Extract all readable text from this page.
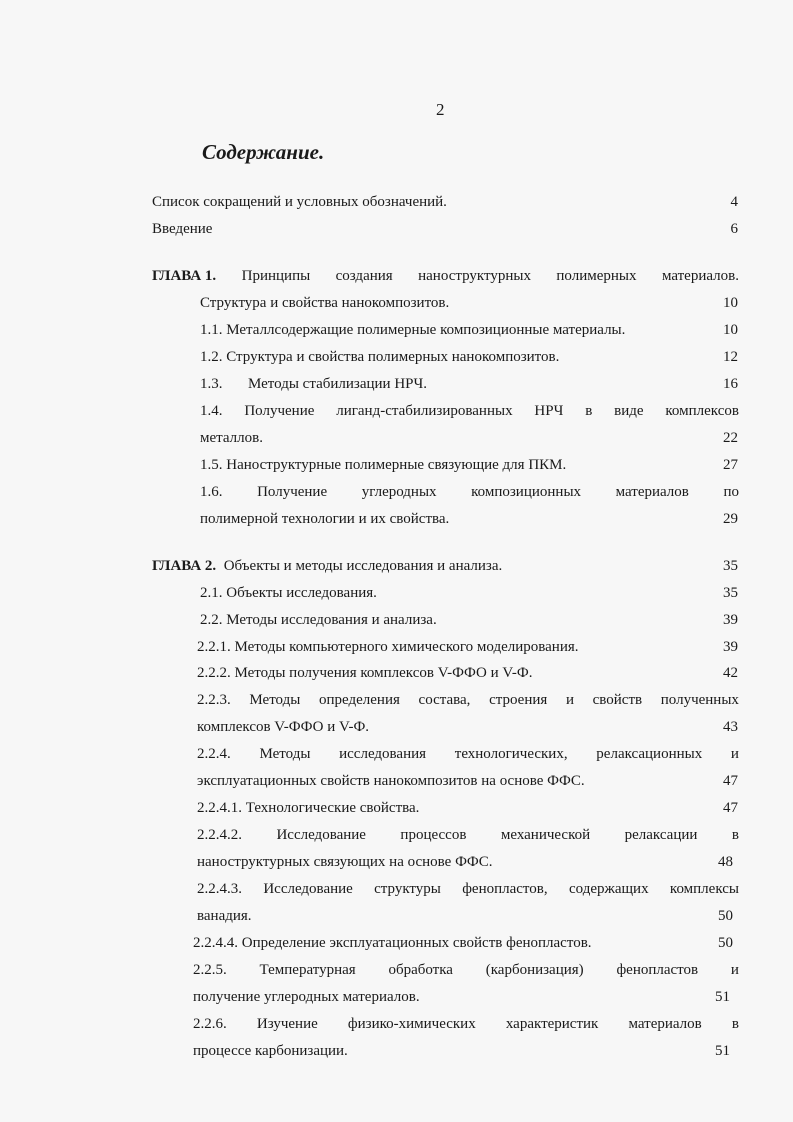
2
Содержание.
Список сокращений и условных обозначений.	4
Введение	6
ГЛАВА 1. Принципы создания наноструктурных полимерных материалов.
Структура и свойства нанокомпозитов.	10
1.1. Металлсодержащие полимерные композиционные материалы.	10
1.2. Структура и свойства полимерных нанокомпозитов.	12
1.3. Методы стабилизации НРЧ.	16
1.4. Получение лиганд-стабилизированных НРЧ в виде комплексов
металлов.	22
1.5. Наноструктурные полимерные связующие для ПКМ.	27
1.6. Получение углеродных композиционных материалов по
полимерной технологии и их свойства.	29
ГЛАВА 2. Объекты и методы исследования и анализа.	35
2.1. Объекты исследования.	35
2.2. Методы исследования и анализа.	39
2.2.1. Методы компьютерного химического моделирования.	39
2.2.2. Методы получения комплексов V-ФФО и V-Ф.	42
2.2.3. Методы определения состава, строения и свойств полученных
комплексов V-ФФО и V-Ф.	43
2.2.4. Методы исследования технологических, релаксационных и
эксплуатационных свойств нанокомпозитов на основе ФФС.	47
2.2.4.1. Технологические свойства.	47
2.2.4.2. Исследование процессов механической релаксации в
наноструктурных связующих на основе ФФС.	48
2.2.4.3. Исследование структуры фенопластов, содержащих комплексы
ванадия.	50
2.2.4.4. Определение эксплуатационных свойств фенопластов.	50
2.2.5. Температурная обработка (карбонизация) фенопластов и
получение углеродных материалов.	51
2.2.6. Изучение физико-химических характеристик материалов в
процессе карбонизации.	51
